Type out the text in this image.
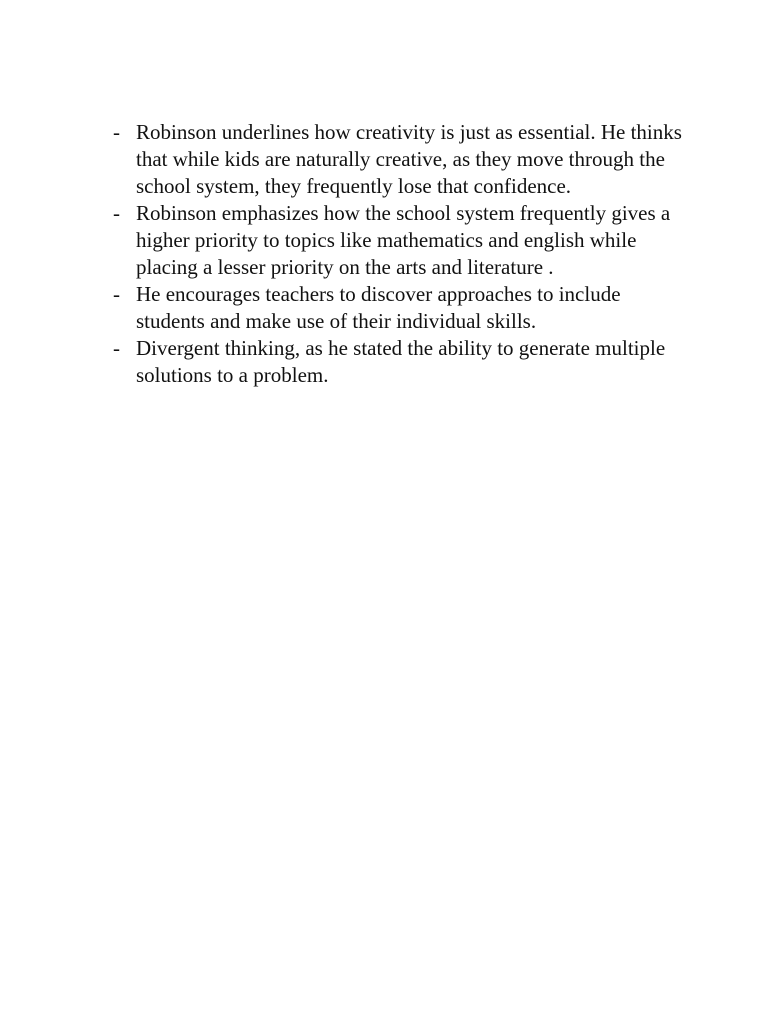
- Robinson underlines how creativity is just as essential. He thinks that while kids are naturally creative, as they move through the school system, they frequently lose that confidence.
- Robinson emphasizes how the school system frequently gives a higher priority to topics like mathematics and english while placing a lesser priority on the arts and literature .
- He encourages teachers to discover approaches to include students and make use of their individual skills.
- Divergent thinking, as he stated the ability to generate multiple solutions to a problem.
